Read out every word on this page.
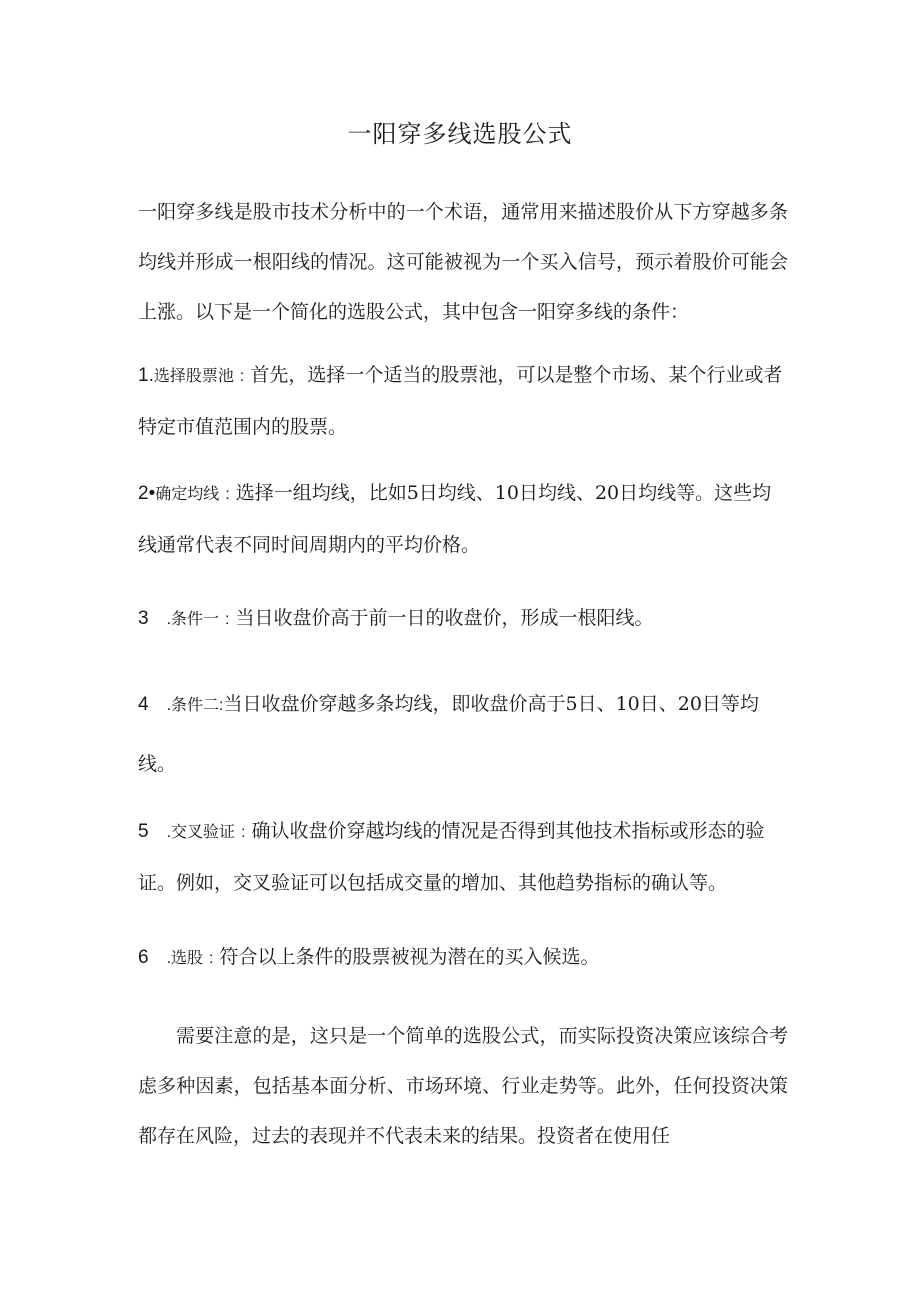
一阳穿多线选股公式
一阳穿多线是股市技术分析中的一个术语，通常用来描述股价从下方穿越多条均线并形成一根阳线的情况。这可能被视为一个买入信号，预示着股价可能会上涨。以下是一个简化的选股公式，其中包含一阳穿多线的条件：
1.选择股票池 : 首先，选择一个适当的股票池，可以是整个市场、某个行业或者特定市值范围内的股票。
2•确定均线 : 选择一组均线，比如5日均线、10日均线、20日均线等。这些均线通常代表不同时间周期内的平均价格。
3 .条件一 : 当日收盘价高于前一日的收盘价，形成一根阳线。
4 .条件二:当日收盘价穿越多条均线，即收盘价高于5日、10日、20日等均线。
5 .交叉验证 : 确认收盘价穿越均线的情况是否得到其他技术指标或形态的验证。例如，交叉验证可以包括成交量的增加、其他趋势指标的确认等。
6 .选股 : 符合以上条件的股票被视为潜在的买入候选。
需要注意的是，这只是一个简单的选股公式，而实际投资决策应该综合考虑多种因素，包括基本面分析、市场环境、行业走势等。此外，任何投资决策都存在风险，过去的表现并不代表未来的结果。投资者在使用任
